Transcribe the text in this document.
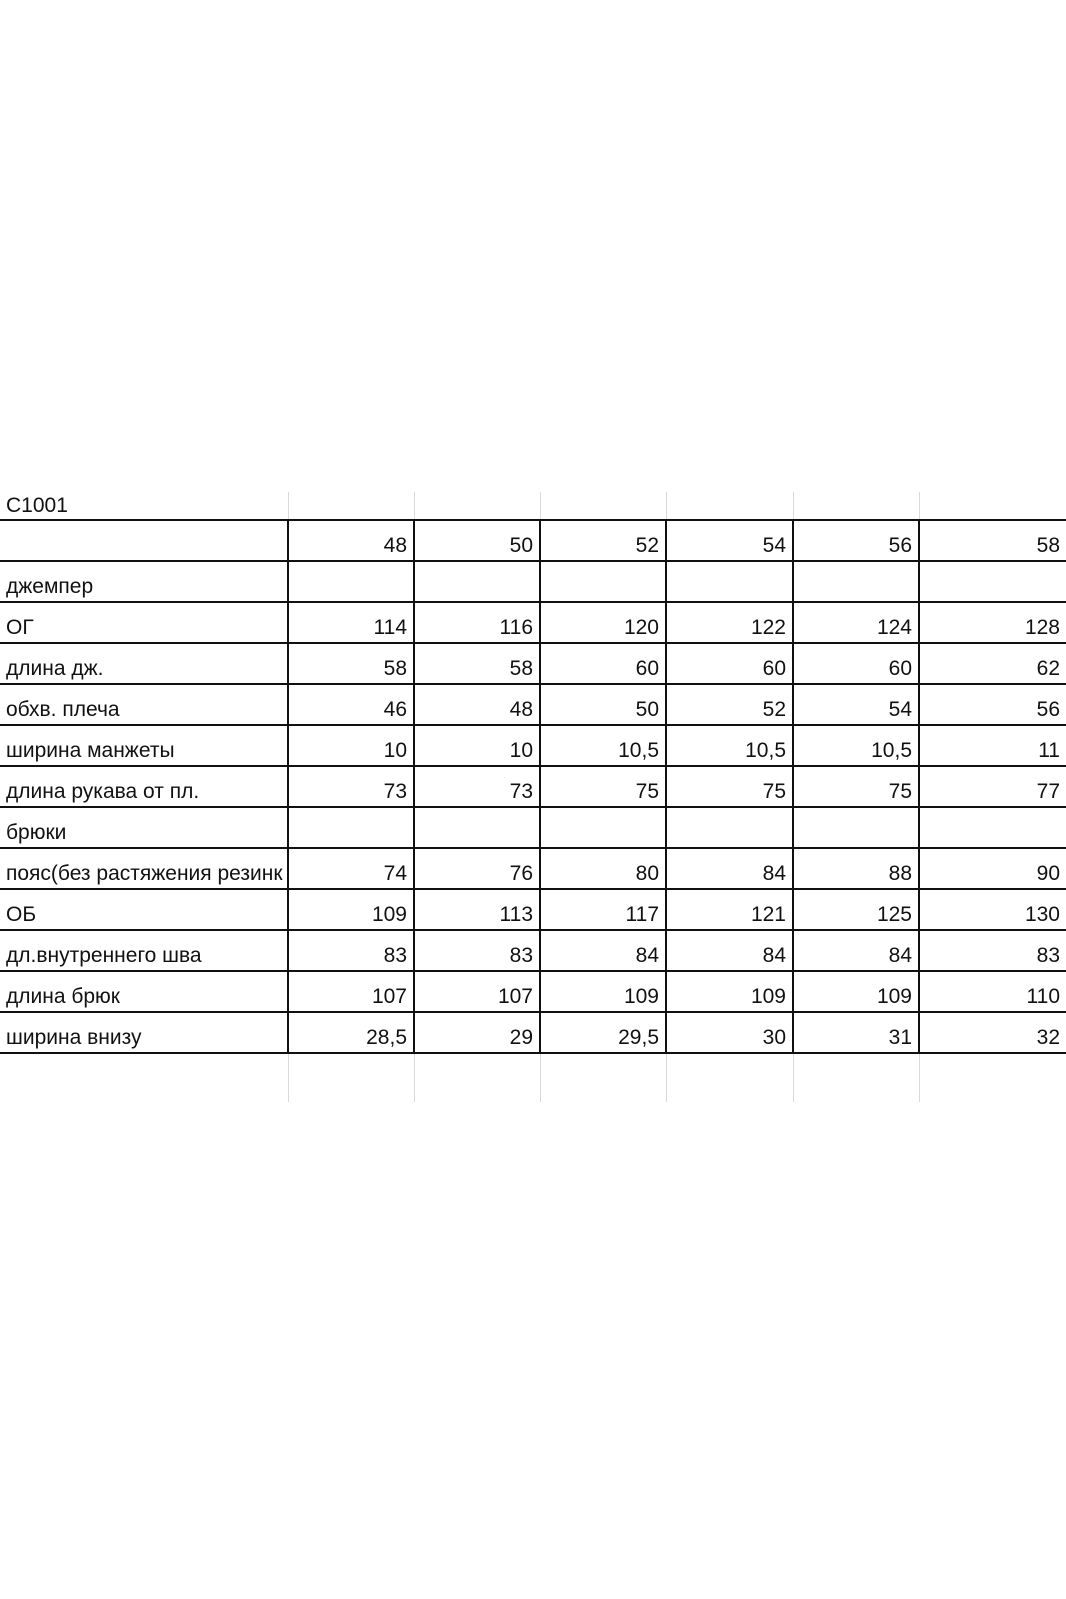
С1001						
	48	50	52	54	56	58
джемпер						
ОГ	114	116	120	122	124	128
длина дж.	58	58	60	60	60	62
обхв. плеча	46	48	50	52	54	56
ширина манжеты	10	10	10,5	10,5	10,5	11
длина рукава от пл.	73	73	75	75	75	77
брюки						
пояс(без растяжения резинк	74	76	80	84	88	90
ОБ	109	113	117	121	125	130
дл.внутреннего шва	83	83	84	84	84	83
длина брюк	107	107	109	109	109	110
ширина внизу	28,5	29	29,5	30	31	32
